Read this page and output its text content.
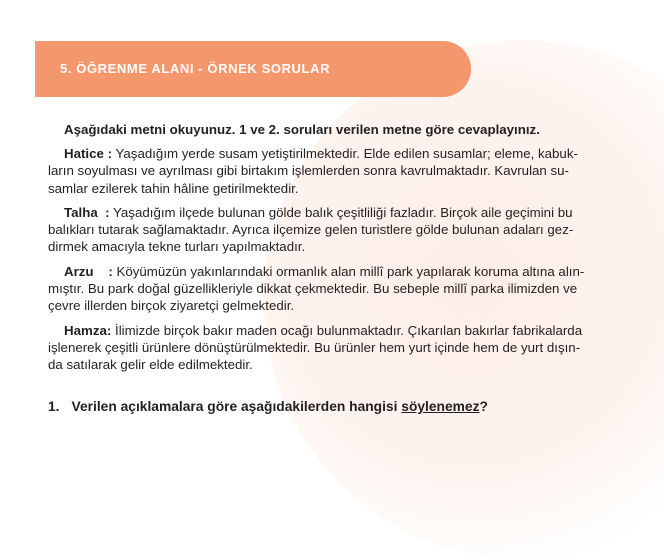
5. ÖĞRENME ALANI - ÖRNEK SORULAR

Aşağıdaki metni okuyunuz. 1 ve 2. soruları verilen metne göre cevaplayınız.

Hatice : Yaşadığım yerde susam yetiştirilmektedir. Elde edilen susamlar; eleme, kabuk-
ların soyulması ve ayrılması gibi birtakım işlemlerden sonra kavrulmaktadır. Kavrulan su-
samlar ezilerek tahin hâline getirilmektedir.

Talha  : Yaşadığım ilçede bulunan gölde balık çeşitliliği fazladır. Birçok aile geçimini bu
balıkları tutarak sağlamaktadır. Ayrıca ilçemize gelen turistlere gölde bulunan adaları gez-
dirmek amacıyla tekne turları yapılmaktadır.

Arzu    : Köyümüzün yakınlarındaki ormanlık alan millî park yapılarak koruma altına alın-
mıştır. Bu park doğal güzellikleriyle dikkat çekmektedir. Bu sebeple millî parka ilimizden ve
çevre illerden birçok ziyaretçi gelmektedir.

Hamza: İlimizde birçok bakır maden ocağı bulunmaktadır. Çıkarılan bakırlar fabrikalarda
işlenerek çeşitli ürünlere dönüştürülmektedir. Bu ürünler hem yurt içinde hem de yurt dışın-
da satılarak gelir elde edilmektedir.

1. Verilen açıklamalara göre aşağıdakilerden hangisi söylenemez?
